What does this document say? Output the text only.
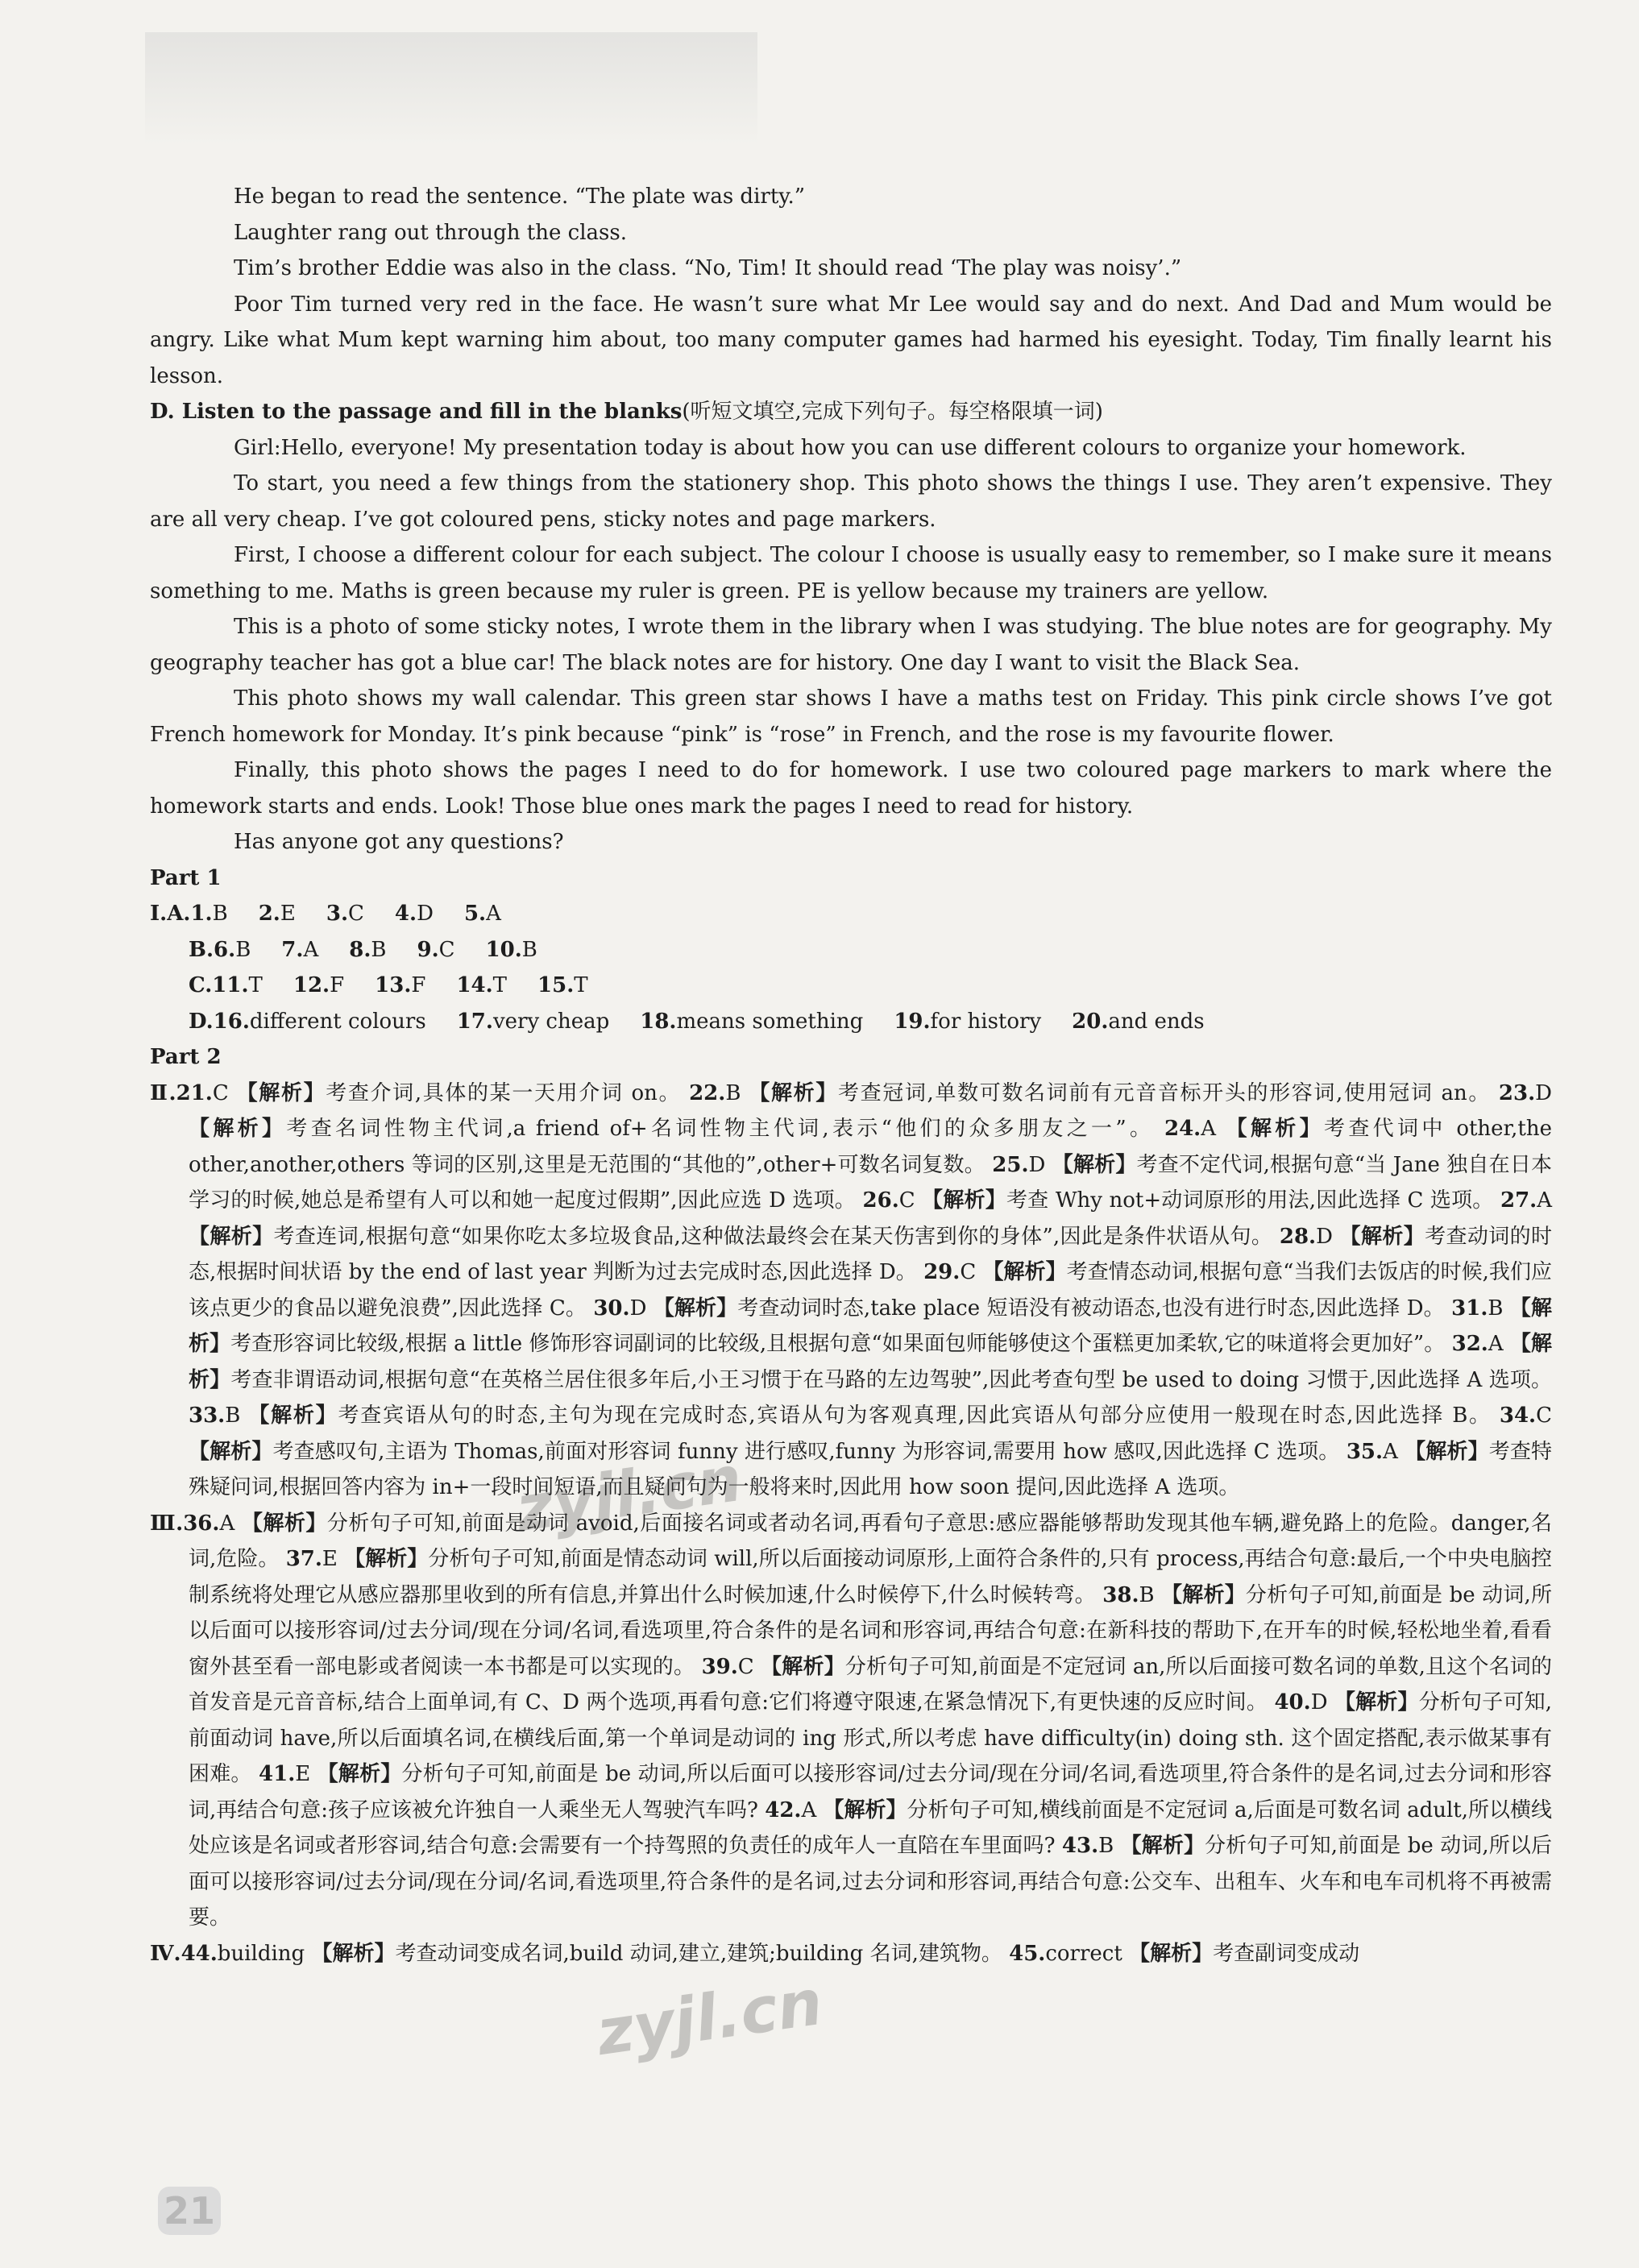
He began to read the sentence. “The plate was dirty.”

Laughter rang out through the class.

Tim’s brother Eddie was also in the class. “No, Tim! It should read ‘The play was noisy’.”

Poor Tim turned very red in the face. He wasn’t sure what Mr Lee would say and do next. And Dad and Mum would be angry. Like what Mum kept warning him about, too many computer games had harmed his eyesight. Today, Tim finally learnt his lesson.

D. Listen to the passage and fill in the blanks(听短文填空,完成下列句子。每空格限填一词)

Girl:Hello, everyone! My presentation today is about how you can use different colours to organize your homework.

To start, you need a few things from the stationery shop. This photo shows the things I use. They aren’t expensive. They are all very cheap. I’ve got coloured pens, sticky notes and page markers.

First, I choose a different colour for each subject. The colour I choose is usually easy to remember, so I make sure it means something to me. Maths is green because my ruler is green. PE is yellow because my trainers are yellow.

This is a photo of some sticky notes, I wrote them in the library when I was studying. The blue notes are for geography. My geography teacher has got a blue car! The black notes are for history. One day I want to visit the Black Sea.

This photo shows my wall calendar. This green star shows I have a maths test on Friday. This pink circle shows I’ve got French homework for Monday. It’s pink because “pink” is “rose” in French, and the rose is my favourite flower.

Finally, this photo shows the pages I need to do for homework. I use two coloured page markers to mark where the homework starts and ends. Look! Those blue ones mark the pages I need to read for history.

Has anyone got any questions?

Part 1

Ⅰ.A.1.B 2.E 3.C 4.D 5.A

B.6.B 7.A 8.B 9.C 10.B

C.11.T 12.F 13.F 14.T 15.T

D.16.different colours 17.very cheap 18.means something 19.for history 20.and ends

Part 2

Ⅱ.21.C 【解析】考查介词,具体的某一天用介词 on。 22.B 【解析】考查冠词,单数可数名词前有元音音标开头的形容词,使用冠词 an。 23.D 【解析】考查名词性物主代词,a friend of+名词性物主代词,表示“他们的众多朋友之一”。 24.A 【解析】考查代词中 other,the other,another,others 等词的区别,这里是无范围的“其他的”,other+可数名词复数。 25.D 【解析】考查不定代词,根据句意“当 Jane 独自在日本学习的时候,她总是希望有人可以和她一起度过假期”,因此应选 D 选项。 26.C 【解析】考查 Why not+动词原形的用法,因此选择 C 选项。 27.A 【解析】考查连词,根据句意“如果你吃太多垃圾食品,这种做法最终会在某天伤害到你的身体”,因此是条件状语从句。 28.D 【解析】考查动词的时态,根据时间状语 by the end of last year 判断为过去完成时态,因此选择 D。 29.C 【解析】考查情态动词,根据句意“当我们去饭店的时候,我们应该点更少的食品以避免浪费”,因此选择 C。 30.D 【解析】考查动词时态,take place 短语没有被动语态,也没有进行时态,因此选择 D。 31.B 【解析】考查形容词比较级,根据 a little 修饰形容词副词的比较级,且根据句意“如果面包师能够使这个蛋糕更加柔软,它的味道将会更加好”。 32.A 【解析】考查非谓语动词,根据句意“在英格兰居住很多年后,小王习惯于在马路的左边驾驶”,因此考查句型 be used to doing 习惯于,因此选择 A 选项。 33.B 【解析】考查宾语从句的时态,主句为现在完成时态,宾语从句为客观真理,因此宾语从句部分应使用一般现在时态,因此选择 B。 34.C 【解析】考查感叹句,主语为 Thomas,前面对形容词 funny 进行感叹,funny 为形容词,需要用 how 感叹,因此选择 C 选项。 35.A 【解析】考查特殊疑问词,根据回答内容为 in+一段时间短语,而且疑问句为一般将来时,因此用 how soon 提问,因此选择 A 选项。

Ⅲ.36.A 【解析】分析句子可知,前面是动词 avoid,后面接名词或者动名词,再看句子意思:感应器能够帮助发现其他车辆,避免路上的危险。danger,名词,危险。 37.E 【解析】分析句子可知,前面是情态动词 will,所以后面接动词原形,上面符合条件的,只有 process,再结合句意:最后,一个中央电脑控制系统将处理它从感应器那里收到的所有信息,并算出什么时候加速,什么时候停下,什么时候转弯。 38.B 【解析】分析句子可知,前面是 be 动词,所以后面可以接形容词/过去分词/现在分词/名词,看选项里,符合条件的是名词和形容词,再结合句意:在新科技的帮助下,在开车的时候,轻松地坐着,看看窗外甚至看一部电影或者阅读一本书都是可以实现的。 39.C 【解析】分析句子可知,前面是不定冠词 an,所以后面接可数名词的单数,且这个名词的首发音是元音音标,结合上面单词,有 C、D 两个选项,再看句意:它们将遵守限速,在紧急情况下,有更快速的反应时间。 40.D 【解析】分析句子可知,前面动词 have,所以后面填名词,在横线后面,第一个单词是动词的 ing 形式,所以考虑 have difficulty(in) doing sth. 这个固定搭配,表示做某事有困难。 41.E 【解析】分析句子可知,前面是 be 动词,所以后面可以接形容词/过去分词/现在分词/名词,看选项里,符合条件的是名词,过去分词和形容词,再结合句意:孩子应该被允许独自一人乘坐无人驾驶汽车吗? 42.A 【解析】分析句子可知,横线前面是不定冠词 a,后面是可数名词 adult,所以横线处应该是名词或者形容词,结合句意:会需要有一个持驾照的负责任的成年人一直陪在车里面吗? 43.B 【解析】分析句子可知,前面是 be 动词,所以后面可以接形容词/过去分词/现在分词/名词,看选项里,符合条件的是名词,过去分词和形容词,再结合句意:公交车、出租车、火车和电车司机将不再被需要。

Ⅳ.44.building 【解析】考查动词变成名词,build 动词,建立,建筑;building 名词,建筑物。 45.correct 【解析】考查副词变成动

21
zyjl.cn
zyjl.cn
